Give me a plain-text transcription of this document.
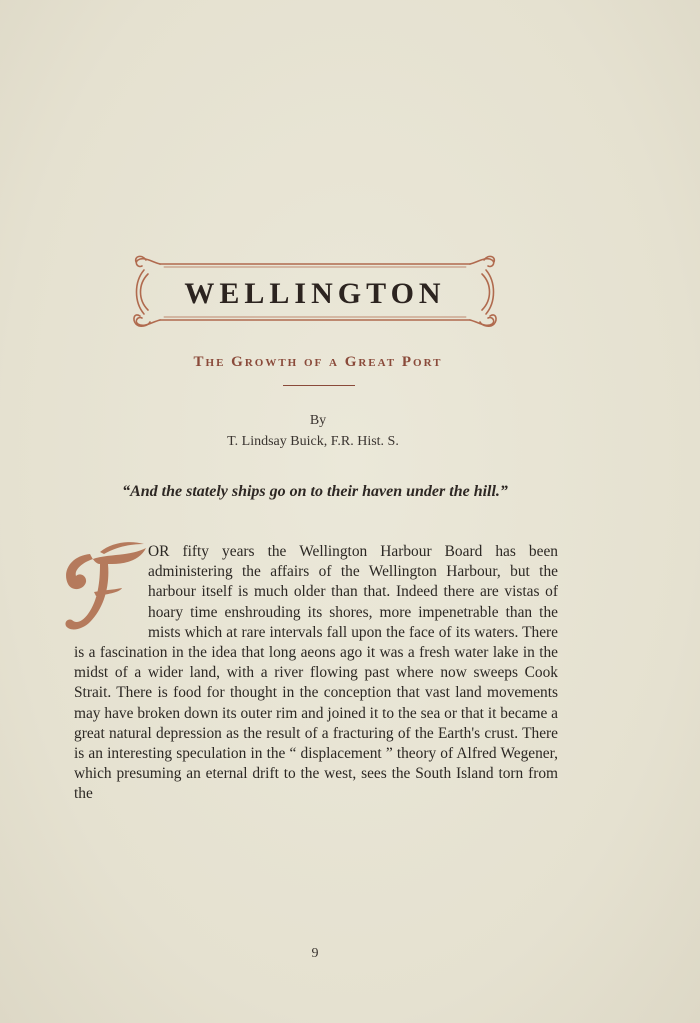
WELLINGTON
The Growth of a Great Port
By
T. Lindsay Buick, F.R. Hist. S.
“And the stately ships go on to their haven under the hill.”

OR fifty years the Wellington Harbour Board has been administering the affairs of the Wellington Harbour, but the harbour itself is much older than that. Indeed there are vistas of hoary time enshrouding its shores, more impenetrable than the mists which at rare intervals fall upon the face of its waters. There is a fascination in the idea that long aeons ago it was a fresh water lake in the midst of a wider land, with a river flowing past where now sweeps Cook Strait. There is food for thought in the conception that vast land movements may have broken down its outer rim and joined it to the sea or that it became a great natural depression as the result of a fracturing of the Earth's crust. There is an interesting speculation in the “ displacement ” theory of Alfred Wegener, which presuming an eternal drift to the west, sees the South Island torn from the

9
